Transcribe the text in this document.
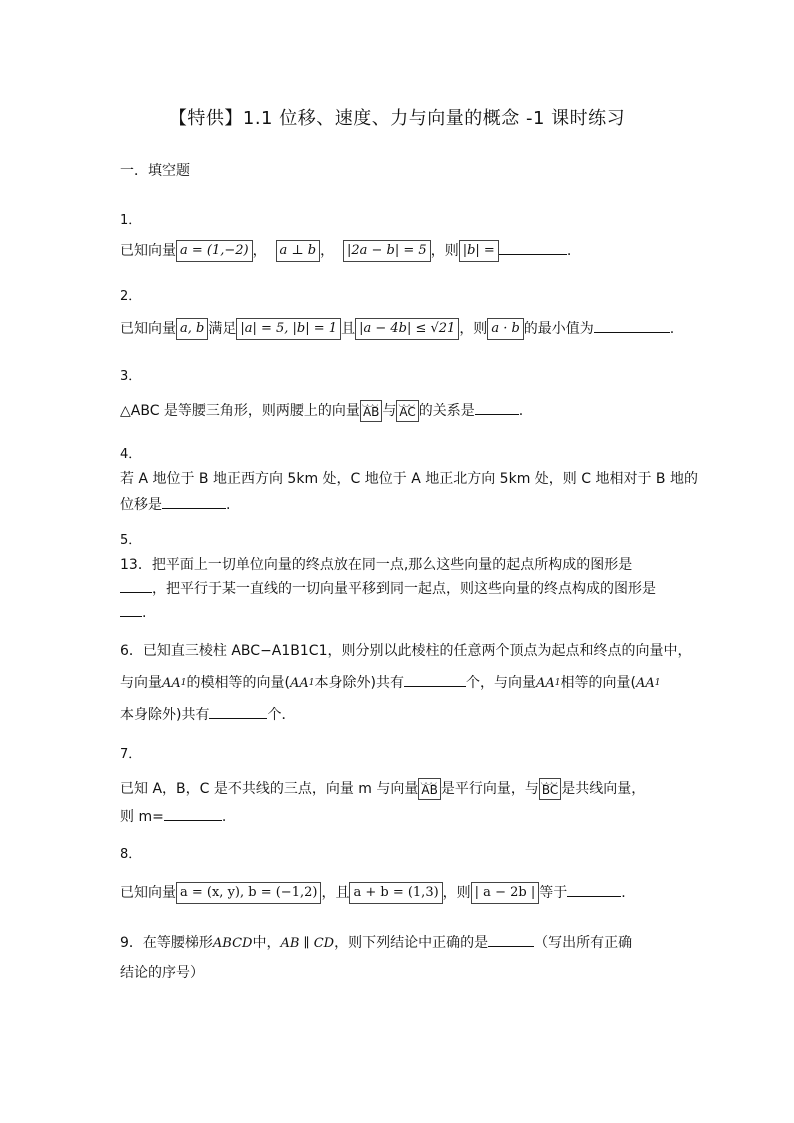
【特供】1.1 位移、速度、力与向量的概念 -1 课时练习
一．填空题
1．
已知向量 a = (1,−2) ， a ⊥ b ， |2a − b| = 5 ，则 |b| =	.
2．
已知向量 a, b 满足 |a| = 5, |b| = 1 且 |a − 4b| ≤ √21 ，则 a · b 的最小值为	.
3．
△ABC 是等腰三角形，则两腰上的向量 ◡◡◡ AB 与 ◡◡◡ AC 的关系是	.
4．
若 A 地位于 B 地正西方向 5km 处，C 地位于 A 地正北方向 5km 处，则 C 地相对于 B 地的
位移是	.
5．
13．把平面上一切单位向量的终点放在同一点,那么这些向量的起点所构成的图形是
，把平行于某一直线的一切向量平移到同一起点，则这些向量的终点构成的图形是
.
6．已知直三棱柱 ABC−A1B1C1，则分别以此棱柱的任意两个顶点为起点和终点的向量中，
与向量$AA^1$的模相等的向量($AA^1$本身除外)共有	个，与向量$AA^1$相等的向量($AA^1$
本身除外)共有	个．
7．
已知 A，B，C 是不共线的三点，向量 m 与向量 ◡◡◡ AB 是平行向量，与 ◡◡◡ BC 是共线向量，
则 m=	.
8．
已知向量 a = (x, y), b = (−1,2) ，且 a + b = (1,3) ，则 | a − 2b | 等于	.
9．在等腰梯形ABCD中，AB ∥ CD，则下列结论中正确的是	（写出所有正确
结论的序号）
